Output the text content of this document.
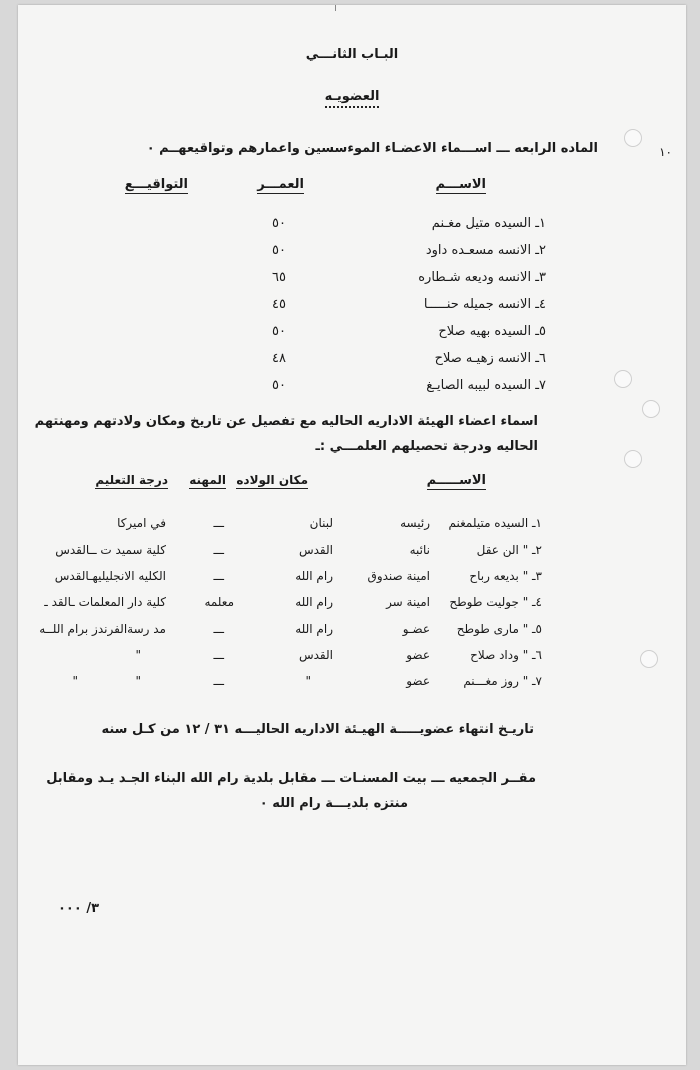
البـاب الثانـــي
العضويـه
الماده الرابعه ـــ اســـماء الاعضـاء الموءسسين واعمارهم وتواقيعهــم ٠	١٠
الاســـم
العمـــر
التواقيـــع
١ـ السيده متيل مغـنم
٥٠
٢ـ الانسه مسعـده داود
٥٠
٣ـ الانسه وديعه شـطاره
٦٥
٤ـ الانسه جميله حنـــــا
٤٥
٥ـ السيده بهيه صلاح
٥٠
٦ـ الانسه زهيـه صلاح
٤٨
٧ـ السيده لبيبه الصايـغ
٥٠
اسماء اعضاء الهيئة الاداريه الحاليه مع تفصيل عن تاريخ ومكان ولادتهم ومهنتهم
الحاليه ودرجة تحصيلهم العلمـــي :ـ
الاســـــم
مكان الولاده
المهنه
درجة التعليم
١ـ السيده متيلمغنم
رئيسه
لبنان
ـــ
في اميركا
٢ـ " الن عقل
نائبه
القدس
ـــ
كلية سميد ت ــالقدس
٣ـ " بديعه رباح
امينة صندوق
رام الله
ـــ
الكليه الانجليليهـالقدس
٤ـ " جوليت طوطح
امينة سر
رام الله
معلمه
كلية دار المعلمات ـالقد ـ
٥ـ " ماری طوطح
عضـو
رام الله
ـــ
مد رسةالفرندز برام اللــه
٦ـ " وداد صلاح
عضو
القدس
ـــ
"
٧ـ " روز مغـــنم
عضو
"
ـــ
"	"
تاريـخ انتهاء عضويـــــة الهيـئة الاداريه الحاليـــه ٣١ / ١٢ من كـل سنه
مقــر الجمعيه ـــ بيت المسنـات ـــ مقابل بلدية رام الله البناء الجـد يـد ومقابل
منتزه بلديـــة رام الله ٠
٣/ ٠٠٠
